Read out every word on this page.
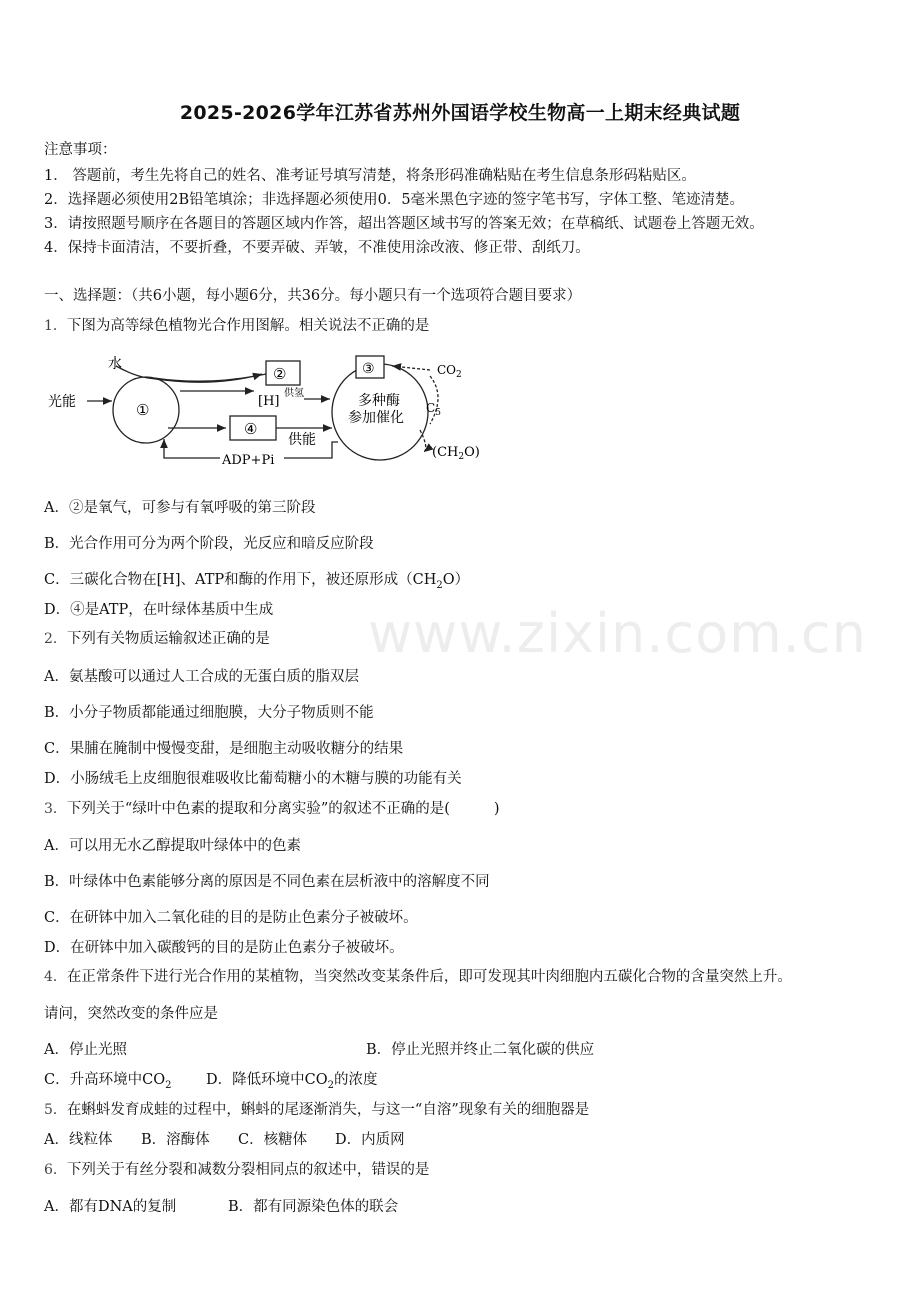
2025-2026学年江苏省苏州外国语学校生物高一上期末经典试题
www.zixin.com.cn
注意事项：
1． 答题前，考生先将自己的姓名、准考证号填写清楚，将条形码准确粘贴在考生信息条形码粘贴区。
2．选择题必须使用2B铅笔填涂；非选择题必须使用0．5毫米黑色字迹的签字笔书写，字体工整、笔迹清楚。
3．请按照题号顺序在各题目的答题区域内作答，超出答题区域书写的答案无效；在草稿纸、试题卷上答题无效。
4．保持卡面清洁，不要折叠，不要弄破、弄皱，不准使用涂改液、修正带、刮纸刀。
一、选择题：（共6小题，每小题6分，共36分。每小题只有一个选项符合题目要求）
1．下图为高等绿色植物光合作用图解。相关说法不正确的是
水
光能	①
②	③
④
[H]
供氢
供能
$CO_2$
$C_5$
多种酶
参加催化
ADP+Pi
$(CH_2O)$
A．②是氧气，可参与有氧呼吸的第三阶段
B．光合作用可分为两个阶段，光反应和暗反应阶段
C．三碳化合物在[H]、ATP和酶的作用下，被还原形成$(CH_2O)$
D．④是ATP，在叶绿体基质中生成
2．下列有关物质运输叙述正确的是
A．氨基酸可以通过人工合成的无蛋白质的脂双层
B．小分子物质都能通过细胞膜，大分子物质则不能
C．果脯在腌制中慢慢变甜，是细胞主动吸收糖分的结果
D．小肠绒毛上皮细胞很难吸收比葡萄糖小的木糖与膜的功能有关
3．下列关于“绿叶中色素的提取和分离实验”的叙述不正确的是(	)
A．可以用无水乙醇提取叶绿体中的色素
B．叶绿体中色素能够分离的原因是不同色素在层析液中的溶解度不同
C．在研钵中加入二氧化硅的目的是防止色素分子被破坏。
D．在研钵中加入碳酸钙的目的是防止色素分子被破坏。
4．在正常条件下进行光合作用的某植物，当突然改变某条件后，即可发现其叶肉细胞内五碳化合物的含量突然上升。
请问，突然改变的条件应是
A．停止光照	B．停止光照并终止二氧化碳的供应
C．升高环境中$CO_2$ D．降低环境中$CO_2$的浓度
5．在蝌蚪发育成蛙的过程中，蝌蚪的尾逐渐消失，与这一“自溶”现象有关的细胞器是
A．线粒体 B．溶酶体 C．核糖体 D．内质网
6．下列关于有丝分裂和减数分裂相同点的叙述中，错误的是
A．都有DNA的复制	B．都有同源染色体的联会
